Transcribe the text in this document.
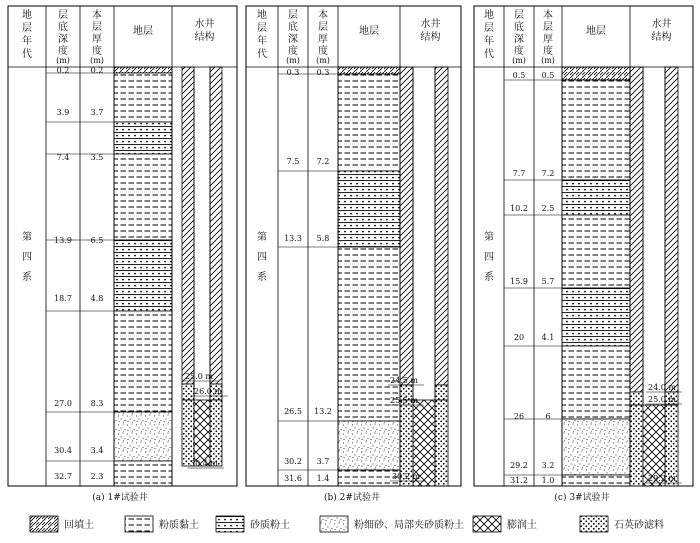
地
层
年
代
层
底
深
度
(m)
本
层
厚
度
(m)
地层
水井
结构
第
四
系
0.2	0.2
3.9	3.7
7.4	3.5
13.9 6.5
18.7 4.8
27.0 8.3
30.4 3.4
32.7 2.3
25.0 m
26.0 m
30.4 m
(a) 1#试验井
地
层
年
代
层
底
深
度
(m)
本
层
厚
度
(m)
地层
水井
结构
第
四
系
0.3 0.3
7.5 7.2
13.3 5.8
26.5 13.2
30.2 3.7
31.6 1.4
24.5 m
25.5 m
30.2 m
(b) 2#试验井
地
层
年
代
层
底
深
度
(m)
本
层
厚
度
(m)
地层
水井
结构
第
四
系
0.5 0.5
7.7 7.2
10.2 2.5
15.9 5.7
20 4.1
26	6
29.2 3.2
31.2 1.0
24.0 m
25.0 m
29.2 m
(c) 3#试验井
回填土	粉质黏土	砂质粉土	粉细砂、局部夹砂质粉土	膨润土	石英砂滤料
